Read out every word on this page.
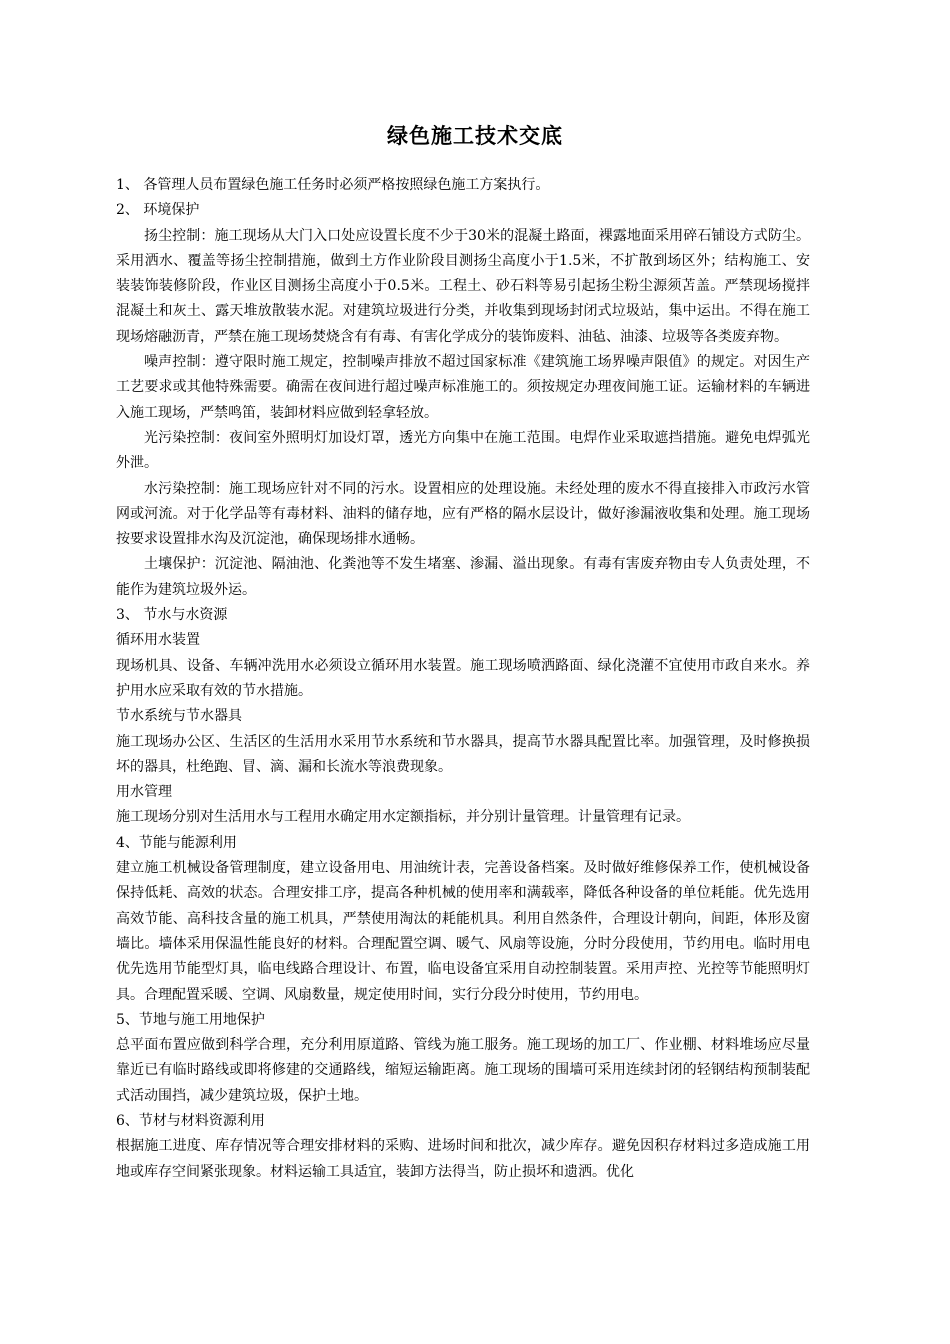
绿色施工技术交底

1、 各管理人员布置绿色施工任务时必须严格按照绿色施工方案执行。

2、 环境保护

扬尘控制：施工现场从大门入口处应设置长度不少于30米的混凝土路面，裸露地面采用碎石铺设方式防尘。采用洒水、覆盖等扬尘控制措施，做到土方作业阶段目测扬尘高度小于1.5米，不扩散到场区外；结构施工、安装装饰装修阶段，作业区目测扬尘高度小于0.5米。工程土、砂石料等易引起扬尘粉尘源须苫盖。严禁现场搅拌混凝土和灰土、露天堆放散装水泥。对建筑垃圾进行分类，并收集到现场封闭式垃圾站，集中运出。不得在施工现场熔融沥青，严禁在施工现场焚烧含有有毒、有害化学成分的装饰废料、油毡、油漆、垃圾等各类废弃物。

噪声控制：遵守限时施工规定，控制噪声排放不超过国家标准《建筑施工场界噪声限值》的规定。对因生产工艺要求或其他特殊需要。确需在夜间进行超过噪声标准施工的。须按规定办理夜间施工证。运输材料的车辆进入施工现场，严禁鸣笛，装卸材料应做到轻拿轻放。

光污染控制：夜间室外照明灯加设灯罩，透光方向集中在施工范围。电焊作业采取遮挡措施。避免电焊弧光外泄。

水污染控制：施工现场应针对不同的污水。设置相应的处理设施。未经处理的废水不得直接排入市政污水管网或河流。对于化学品等有毒材料、油料的储存地，应有严格的隔水层设计，做好渗漏液收集和处理。施工现场按要求设置排水沟及沉淀池，确保现场排水通畅。

土壤保护：沉淀池、隔油池、化粪池等不发生堵塞、渗漏、溢出现象。有毒有害废弃物由专人负责处理，不能作为建筑垃圾外运。

3、 节水与水资源

循环用水装置

现场机具、设备、车辆冲洗用水必须设立循环用水装置。施工现场喷洒路面、绿化浇灌不宜使用市政自来水。养护用水应采取有效的节水措施。

节水系统与节水器具

施工现场办公区、生活区的生活用水采用节水系统和节水器具，提高节水器具配置比率。加强管理，及时修换损坏的器具，杜绝跑、冒、滴、漏和长流水等浪费现象。

用水管理

施工现场分别对生活用水与工程用水确定用水定额指标，并分别计量管理。计量管理有记录。

4、节能与能源利用

建立施工机械设备管理制度，建立设备用电、用油统计表，完善设备档案。及时做好维修保养工作，使机械设备保持低耗、高效的状态。合理安排工序，提高各种机械的使用率和满载率，降低各种设备的单位耗能。优先选用高效节能、高科技含量的施工机具，严禁使用淘汰的耗能机具。利用自然条件，合理设计朝向，间距，体形及窗墙比。墙体采用保温性能良好的材料。合理配置空调、暖气、风扇等设施，分时分段使用，节约用电。临时用电优先选用节能型灯具，临电线路合理设计、布置，临电设备宜采用自动控制装置。采用声控、光控等节能照明灯具。合理配置采暖、空调、风扇数量，规定使用时间，实行分段分时使用，节约用电。

5、节地与施工用地保护

总平面布置应做到科学合理，充分利用原道路、管线为施工服务。施工现场的加工厂、作业棚、材料堆场应尽量靠近已有临时路线或即将修建的交通路线，缩短运输距离。施工现场的围墙可采用连续封闭的轻钢结构预制装配式活动围挡，减少建筑垃圾，保护土地。

6、节材与材料资源利用

根据施工进度、库存情况等合理安排材料的采购、进场时间和批次，减少库存。避免因积存材料过多造成施工用地或库存空间紧张现象。材料运输工具适宜，装卸方法得当，防止损坏和遗洒。优化
